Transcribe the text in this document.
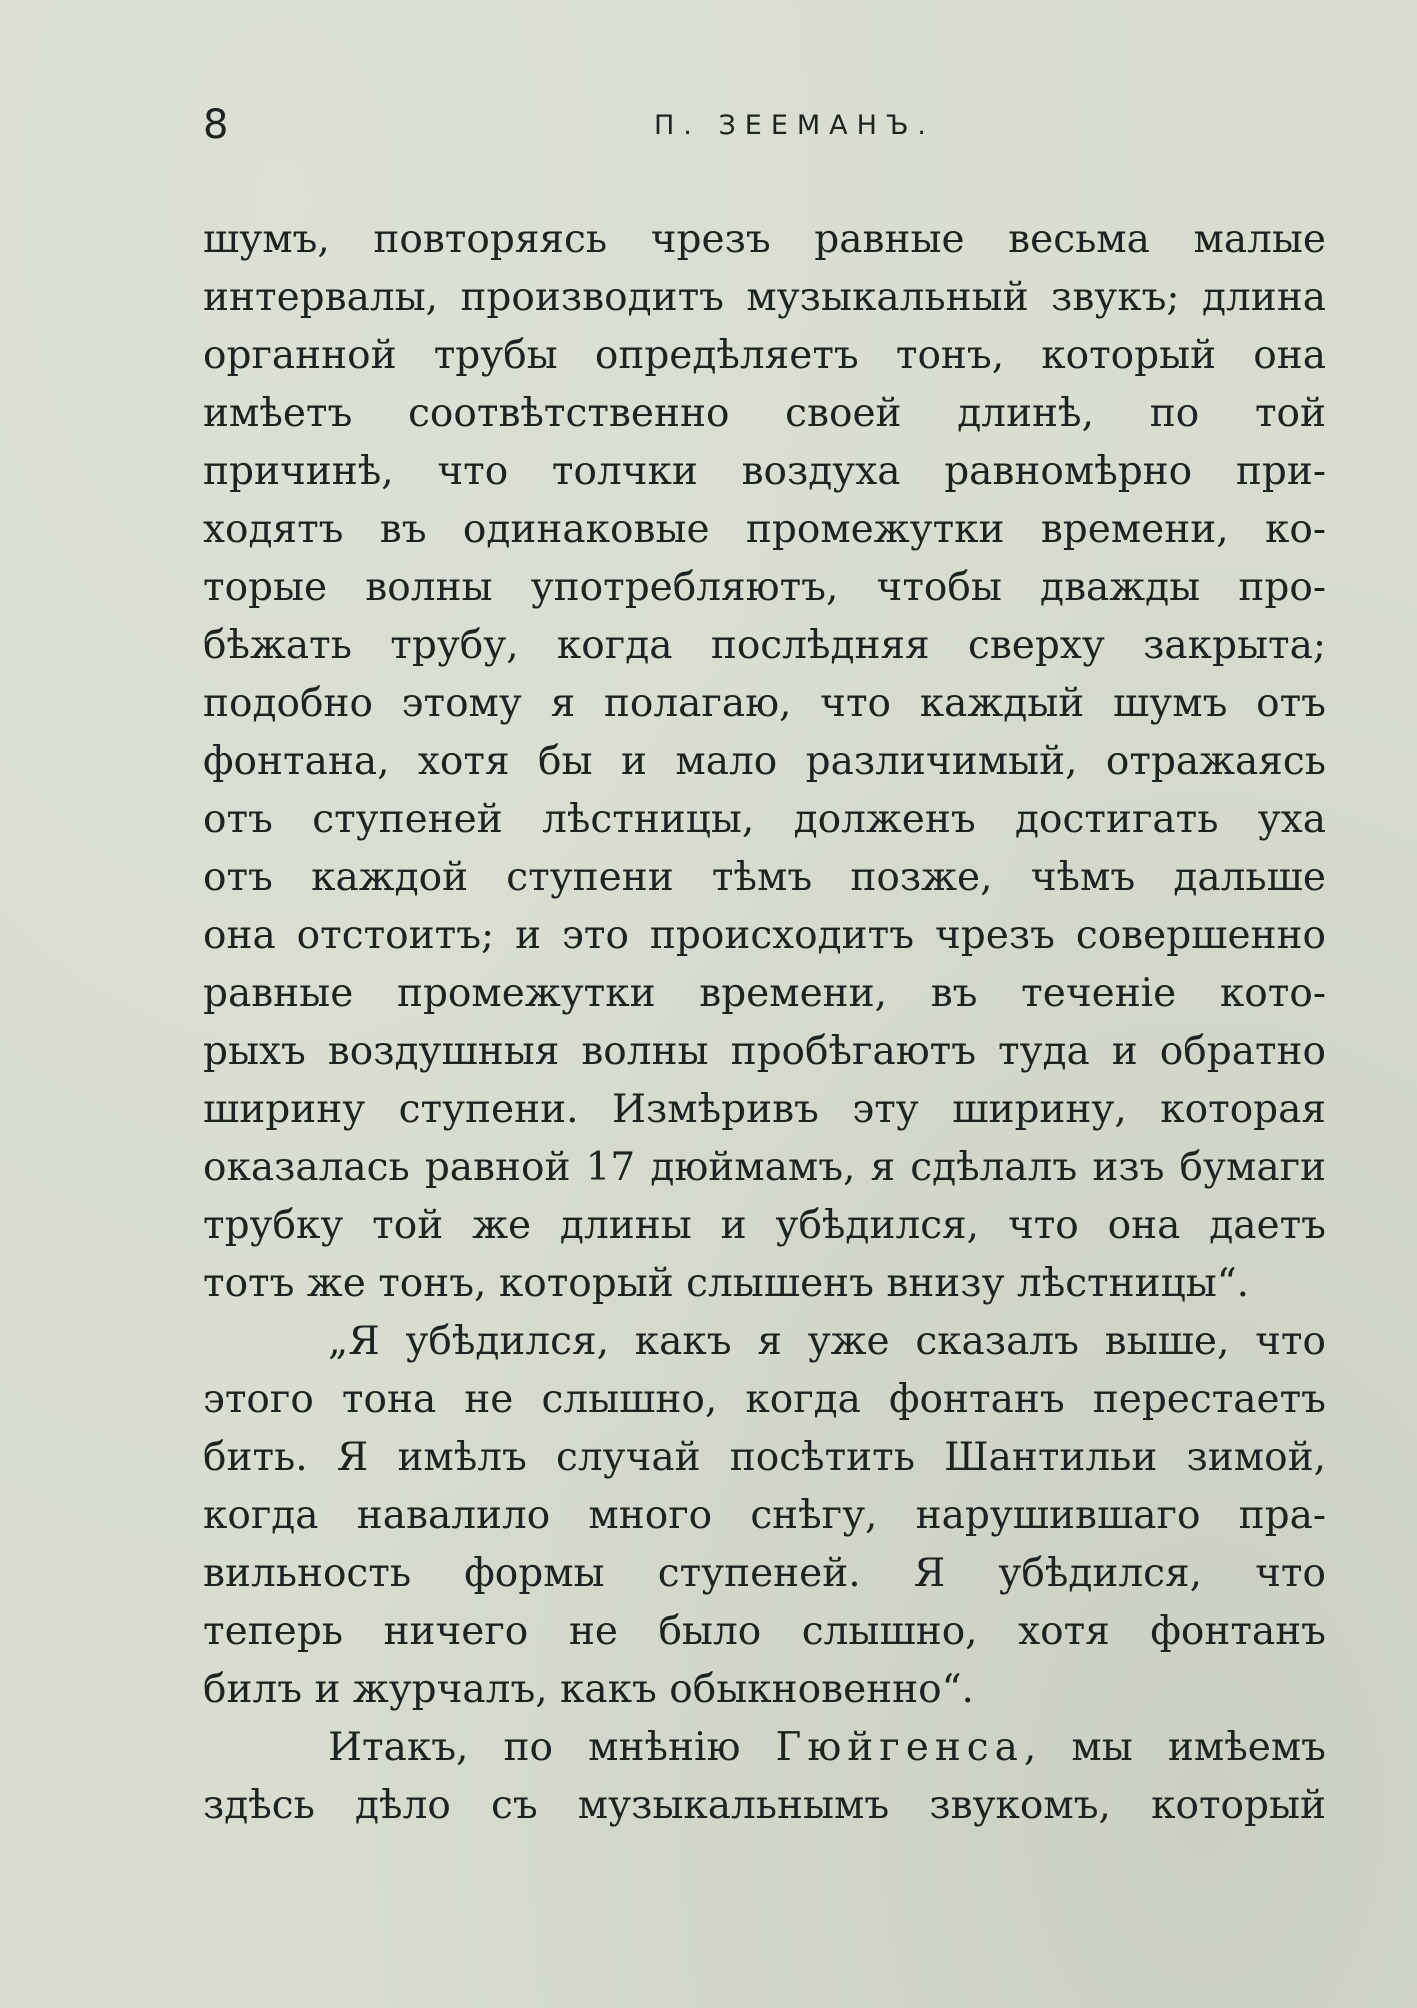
8	П. ЗЕЕМАНЪ.
шумъ, повторяясь чрезъ равные весьма малые
интервалы, производитъ музыкальный звукъ; длина
органной трубы опредѣляетъ тонъ, который она
имѣетъ соотвѣтственно своей длинѣ, по той
причинѣ, что толчки воздуха равномѣрно при-
ходятъ въ одинаковые промежутки времени, ко-
торые волны употребляютъ, чтобы дважды про-
бѣжать трубу, когда послѣдняя сверху закрыта;
подобно этому я полагаю, что каждый шумъ отъ
фонтана, хотя бы и мало различимый, отражаясь
отъ ступеней лѣстницы, долженъ достигать уха
отъ каждой ступени тѣмъ позже, чѣмъ дальше
она отстоитъ; и это происходитъ чрезъ совершенно
равные промежутки времени, въ теченіе кото-
рыхъ воздушныя волны пробѣгаютъ туда и обратно
ширину ступени. Измѣривъ эту ширину, которая
оказалась равной 17 дюймамъ, я сдѣлалъ изъ бумаги
трубку той же длины и убѣдился, что она даетъ
тотъ же тонъ, который слышенъ внизу лѣстницы“.
„Я убѣдился, какъ я уже сказалъ выше, что
этого тона не слышно, когда фонтанъ перестаетъ
бить. Я имѣлъ случай посѣтить Шантильи зимой,
когда навалило много снѣгу, нарушившаго пра-
вильность формы ступеней. Я убѣдился, что
теперь ничего не было слышно, хотя фонтанъ
билъ и журчалъ, какъ обыкновенно“.
Итакъ, по мнѣнію Гюйгенса, мы имѣемъ
здѣсь дѣло съ музыкальнымъ звукомъ, который
